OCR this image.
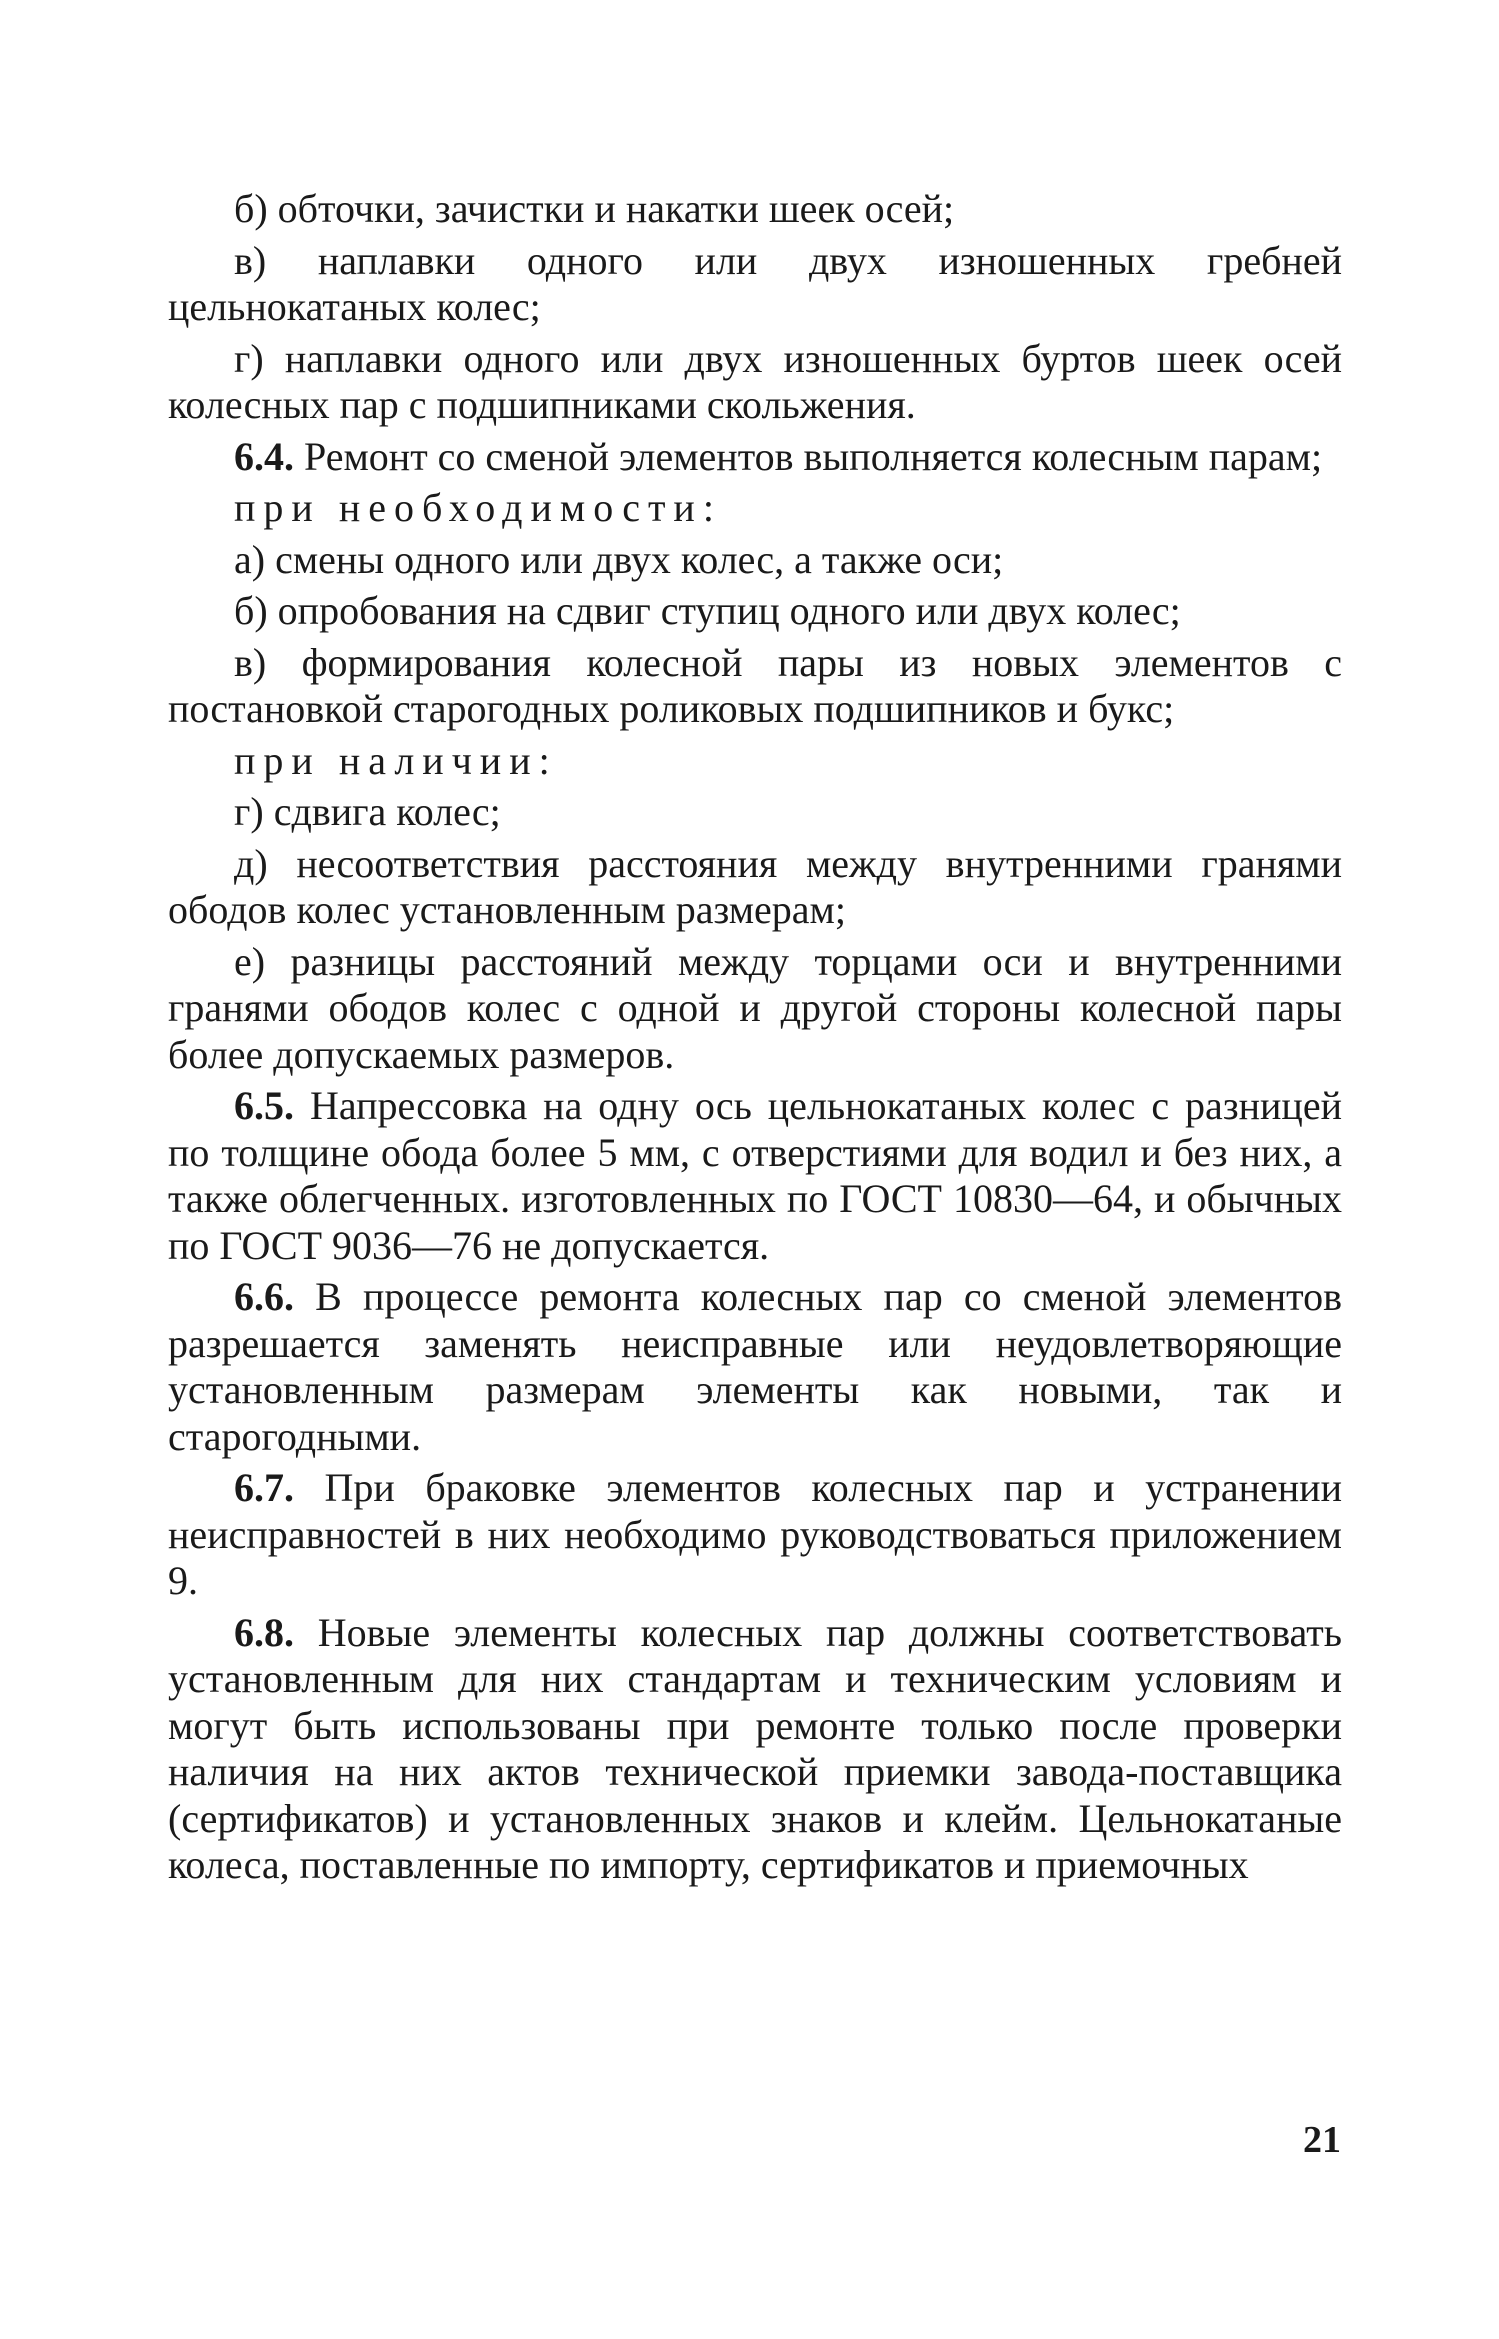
б) обточки, зачистки и накатки шеек осей;

в) наплавки одного или двух изношенных гребней цельнокатаных колес;

г) наплавки одного или двух изношенных буртов шеек осей колесных пар с подшипниками скольжения.

6.4. Ремонт со сменой элементов выполняется колесным парам;

при необходимости:

а) смены одного или двух колес, а также оси;

б) опробования на сдвиг ступиц одного или двух колес;

в) формирования колесной пары из новых элементов с постановкой старогодных роликовых подшипников и букс;

при наличии:

г) сдвига колес;

д) несоответствия расстояния между внутренними гранями ободов колес установленным размерам;

е) разницы расстояний между торцами оси и внутренними гранями ободов колес с одной и другой стороны колесной пары более допускаемых размеров.

6.5. Напрессовка на одну ось цельнокатаных колес с разницей по толщине обода более 5 мм, с отверстиями для водил и без них, а также облегченных. изготовленных по ГОСТ 10830—64, и обычных по ГОСТ 9036—76 не допускается.

6.6. В процессе ремонта колесных пар со сменой элементов разрешается заменять неисправные или неудовлетворяющие установленным размерам элементы как новыми, так и старогодными.

6.7. При браковке элементов колесных пар и устранении неисправностей в них необходимо руководствоваться приложением 9.

6.8. Новые элементы колесных пар должны соответствовать установленным для них стандартам и техническим условиям и могут быть использованы при ремонте только после проверки наличия на них актов технической приемки завода-поставщика (сертификатов) и установленных знаков и клейм. Цельнокатаные колеса, поставленные по импорту, сертификатов и приемочных

21
